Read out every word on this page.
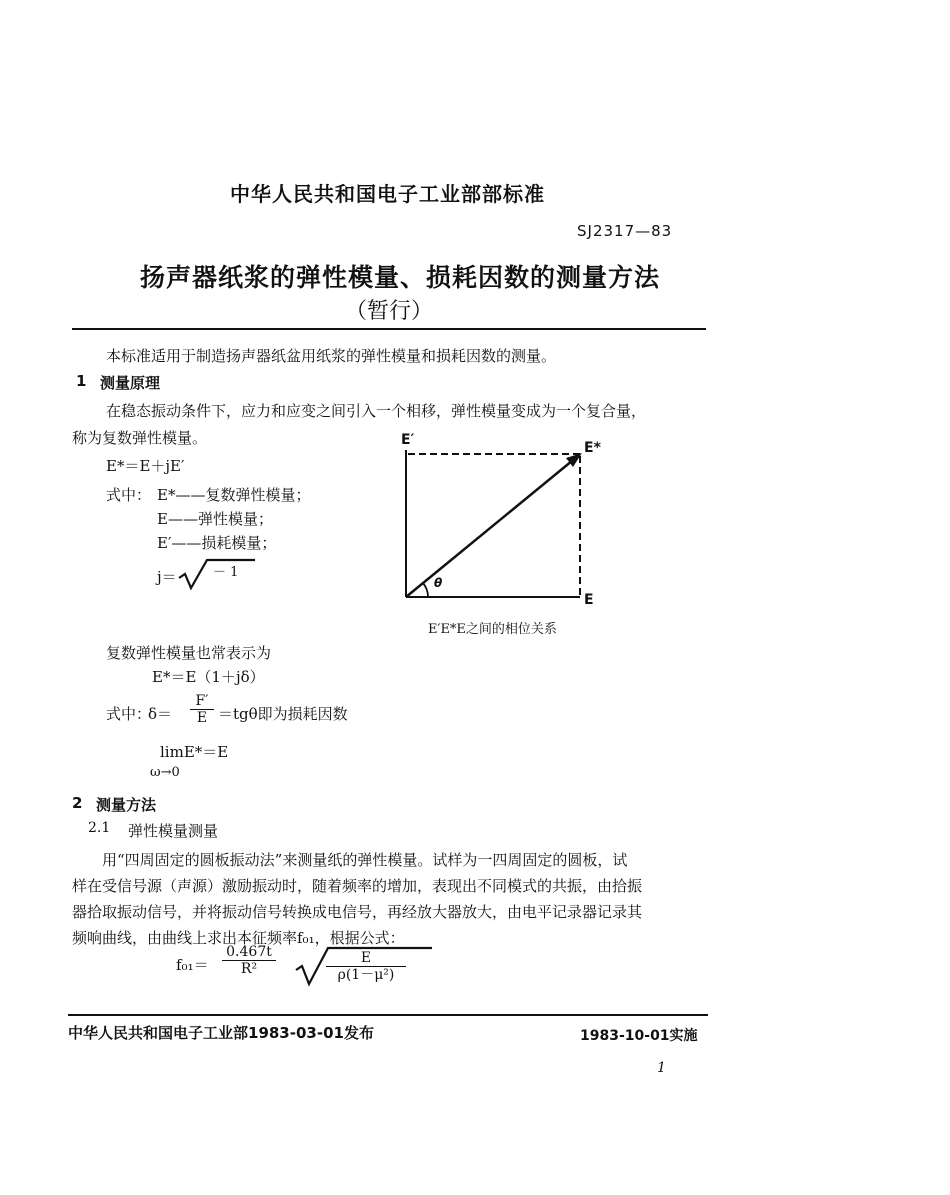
中华人民共和国电子工业部部标准
SJ2317—83
扬声器纸浆的弹性模量、损耗因数的测量方法
（暂行）
本标准适用于制造扬声器纸盆用纸浆的弹性模量和损耗因数的测量。
1 测量原理
在稳态振动条件下，应力和应变之间引入一个相移，弹性模量变成为一个复合量，
称为复数弹性模量。
E*＝E＋jE′
式中： E*——复数弹性模量；
E——弹性模量；
E′——损耗模量；
j＝	－ 1
E′	E*
E
θ
E′E*E之间的相位关系
复数弹性模量也常表示为
E*＝E（1＋jδ）
式中：
$\delta= \frac{F'}{E} =tg\theta$即为损耗因数
limE*＝E
ω→0
2 测量方法
2.1 弹性模量测量
用“四周固定的圆板振动法”来测量纸的弹性模量。试样为一四周固定的圆板，试
样在受信号源（声源）激励振动时，随着频率的增加，表现出不同模式的共振，由拾振
器拾取振动信号，并将振动信号转换成电信号，再经放大器放大，由电平记录器记录其
频响曲线，由曲线上求出本征频率f₀₁，根据公式：
$f_{01}= \frac{0.467t}{\text{R²}}$	$\frac{E}{\text{ρ(1－μ²)}}$
中华人民共和国电子工业部1983-03-01发布	1983-10-01实施
1
